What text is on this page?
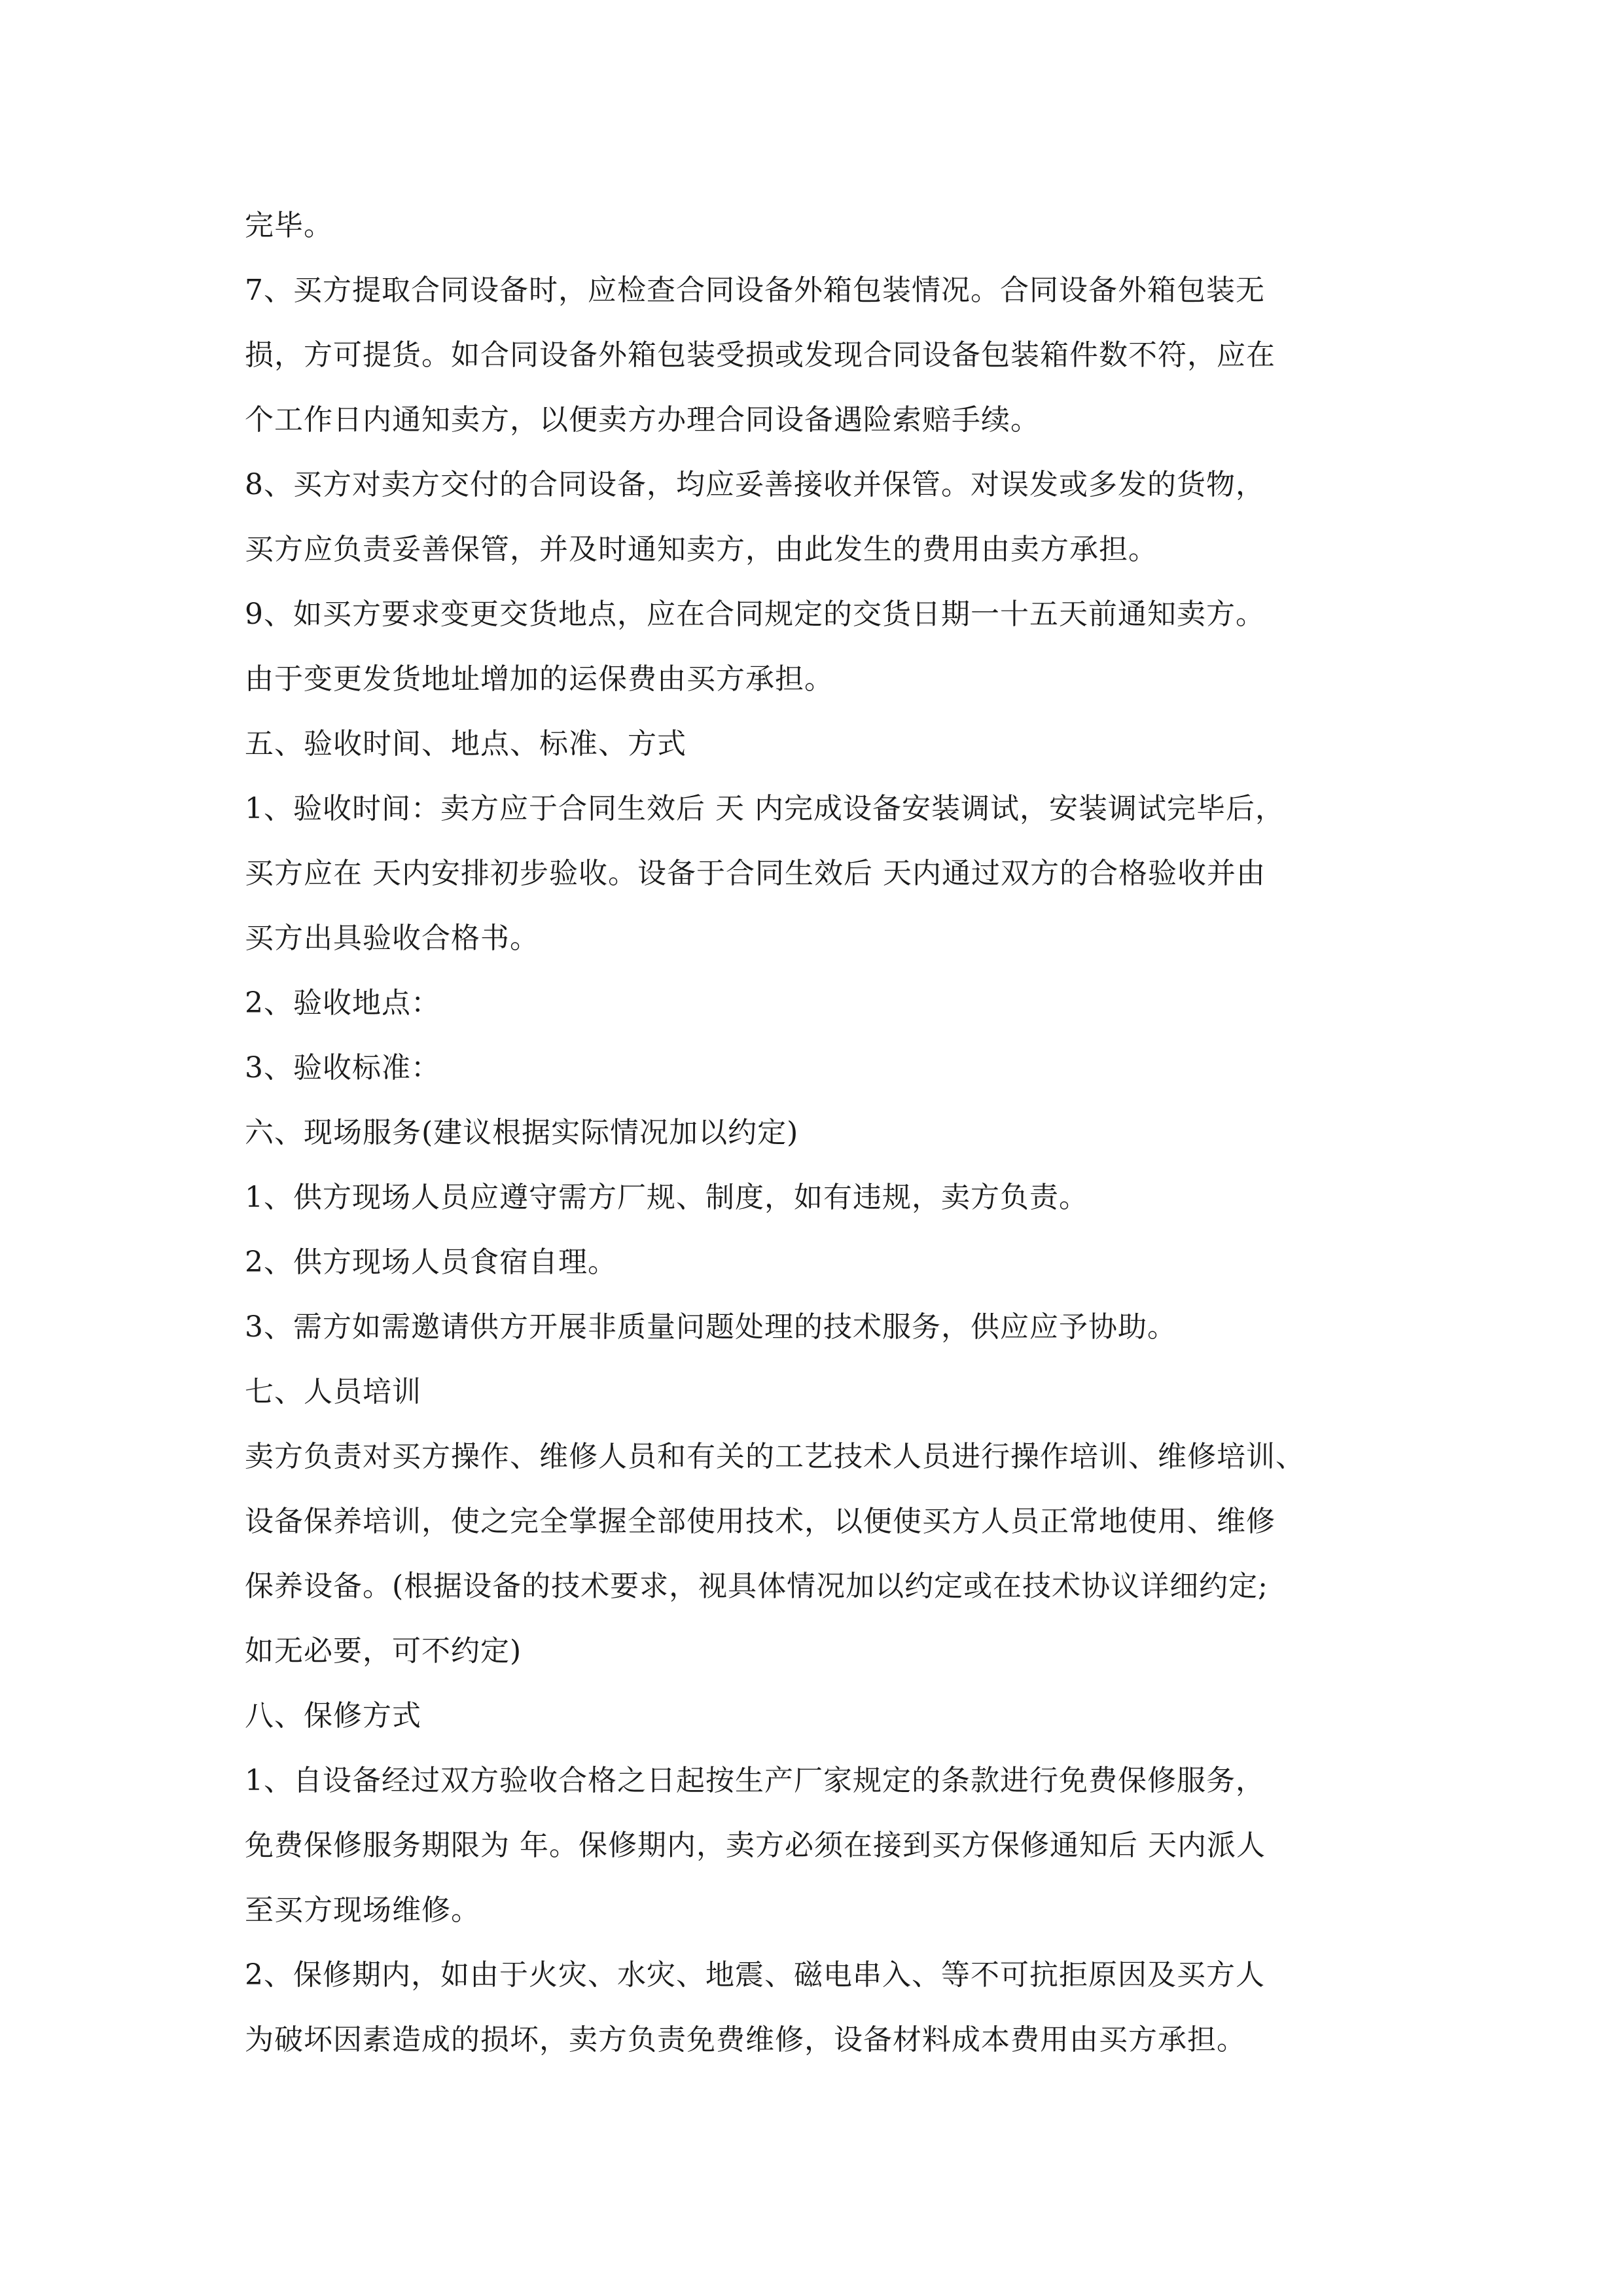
完毕。
7、买方提取合同设备时，应检查合同设备外箱包装情况。合同设备外箱包装无
损，方可提货。如合同设备外箱包装受损或发现合同设备包装箱件数不符，应在
个工作日内通知卖方，以便卖方办理合同设备遇险索赔手续。
8、买方对卖方交付的合同设备，均应妥善接收并保管。对误发或多发的货物，
买方应负责妥善保管，并及时通知卖方，由此发生的费用由卖方承担。
9、如买方要求变更交货地点，应在合同规定的交货日期一十五天前通知卖方。
由于变更发货地址增加的运保费由买方承担。
五、验收时间、地点、标准、方式
1、验收时间：卖方应于合同生效后 天 内完成设备安装调试，安装调试完毕后，
买方应在 天内安排初步验收。设备于合同生效后 天内通过双方的合格验收并由
买方出具验收合格书。
2、验收地点：
3、验收标准：
六、现场服务(建议根据实际情况加以约定)
1、供方现场人员应遵守需方厂规、制度，如有违规，卖方负责。
2、供方现场人员食宿自理。
3、需方如需邀请供方开展非质量问题处理的技术服务，供应应予协助。
七、人员培训
卖方负责对买方操作、维修人员和有关的工艺技术人员进行操作培训、维修培训、
设备保养培训，使之完全掌握全部使用技术，以便使买方人员正常地使用、维修
保养设备。(根据设备的技术要求，视具体情况加以约定或在技术协议详细约定;
如无必要，可不约定)
八、保修方式
1、自设备经过双方验收合格之日起按生产厂家规定的条款进行免费保修服务，
免费保修服务期限为 年。保修期内，卖方必须在接到买方保修通知后 天内派人
至买方现场维修。
2、保修期内，如由于火灾、水灾、地震、磁电串入、等不可抗拒原因及买方人
为破坏因素造成的损坏，卖方负责免费维修，设备材料成本费用由买方承担。
